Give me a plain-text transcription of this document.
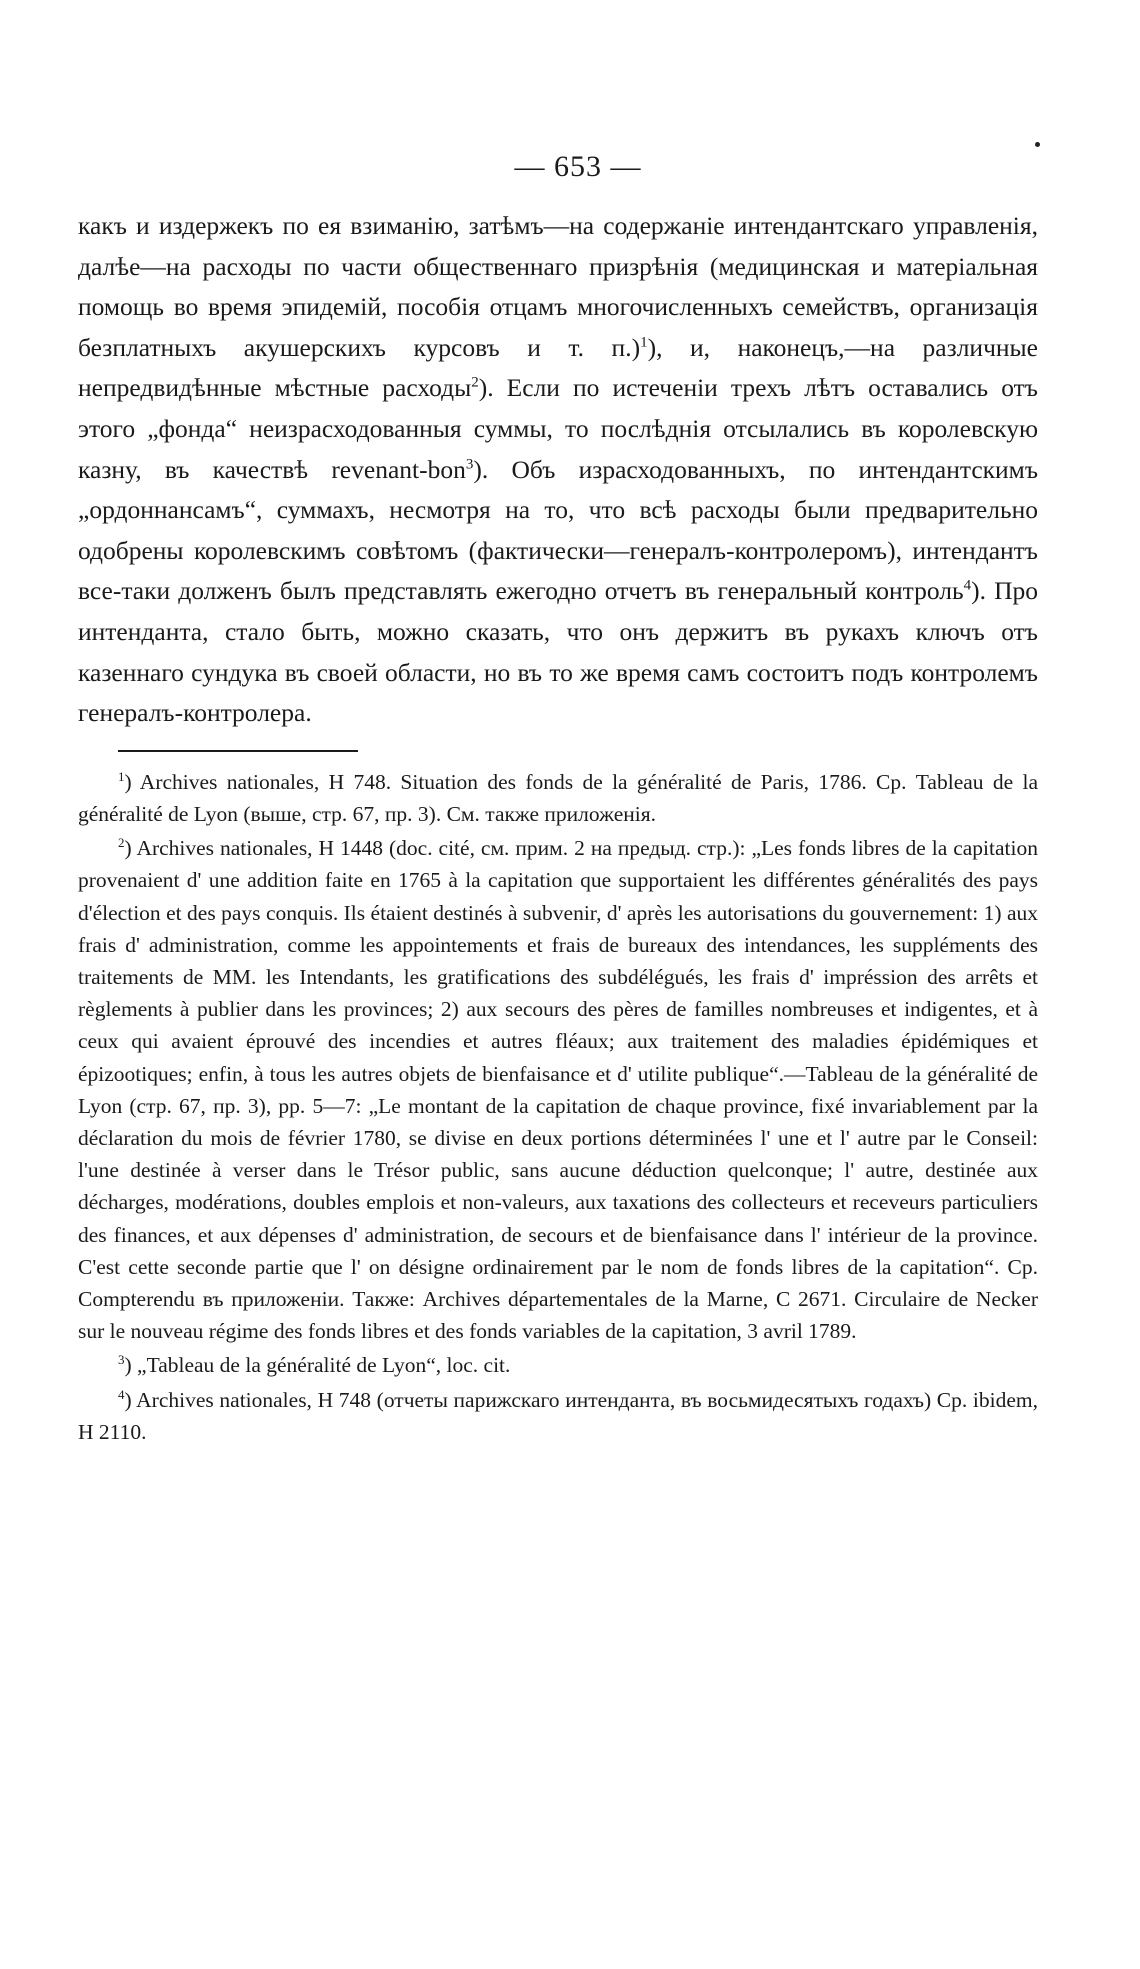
— 653 —

какъ и издержекъ по ея взиманію, затѣмъ—на содержаніе интендантскаго управленія, далѣе—на расходы по части общественнаго призрѣнія (медицинская и матеріальная помощь во время эпидемій, пособія отцамъ многочисленныхъ семействъ, организація безплатныхъ акушерскихъ курсовъ и т. п.)$^1$), и, наконецъ,—на различные непредвидѣнные мѣстные расходы$^2$). Если по истеченіи трехъ лѣтъ оставались отъ этого „фонда“ неизрасходованныя суммы, то послѣднія отсылались въ королевскую казну, въ качествѣ revenant-bon$^3$). Объ израсходованныхъ, по интендантскимъ „ордоннансамъ“, суммахъ, несмотря на то, что всѣ расходы были предварительно одобрены королевскимъ совѣтомъ (фактически—генералъ-контролеромъ), интендантъ все-таки долженъ былъ представлять ежегодно отчетъ въ генеральный контроль$^4$). Про интенданта, стало быть, можно сказать, что онъ держитъ въ рукахъ ключъ отъ казеннаго сундука въ своей области, но въ то же время самъ состоитъ подъ контролемъ генералъ-контролера.

$^1$) Archives nationales, H 748. Situation des fonds de la généralité de Paris, 1786. Ср. Tableau de la généralité de Lyon (выше, стр. 67, пр. 3). См. также приложенія.

$^2$) Archives nationales, H 1448 (doc. cité, см. прим. 2 на предыд. стр.): „Les fonds libres de la capitation provenaient d' une addition faite en 1765 à la capitation que supportaient les différentes généralités des pays d'élection et des pays conquis. Ils étaient destinés à subvenir, d' après les autorisations du gouvernement: 1) aux frais d' administration, comme les appointements et frais de bureaux des intendances, les suppléments des traitements de MM. les Intendants, les gratifications des subdélégués, les frais d' impréssion des arrêts et règlements à publier dans les provinces; 2) aux secours des pères de familles nombreuses et indigentes, et à ceux qui avaient éprouvé des incendies et autres fléaux; aux traitement des maladies épidémiques et épizootiques; enfin, à tous les autres objets de bienfaisance et d' utilite publique“.—Tableau de la généralité de Lyon (стр. 67, пр. 3), pp. 5—7: „Le montant de la capitation de chaque province, fixé invariablement par la déclaration du mois de février 1780, se divise en deux portions déterminées l' une et l' autre par le Conseil: l'une destinée à verser dans le Trésor public, sans aucune déduction quelconque; l' autre, destinée aux décharges, modérations, doubles emplois et non-valeurs, aux taxations des collecteurs et receveurs particuliers des finances, et aux dépenses d' administration, de secours et de bienfaisance dans l' intérieur de la province. C'est cette seconde partie que l' on désigne ordinairement par le nom de fonds libres de la capitation“. Ср. Compterendu въ приложеніи. Также: Archives départementales de la Marne, C 2671. Circulaire de Necker sur le nouveau régime des fonds libres et des fonds variables de la capitation, 3 avril 1789.

$^3$) „Tableau de la généralité de Lyon“, loc. cit.

$^4$) Archives nationales, H 748 (отчеты парижскаго интенданта, въ восьмидесятыхъ годахъ) Ср. ibidem, H 2110.
